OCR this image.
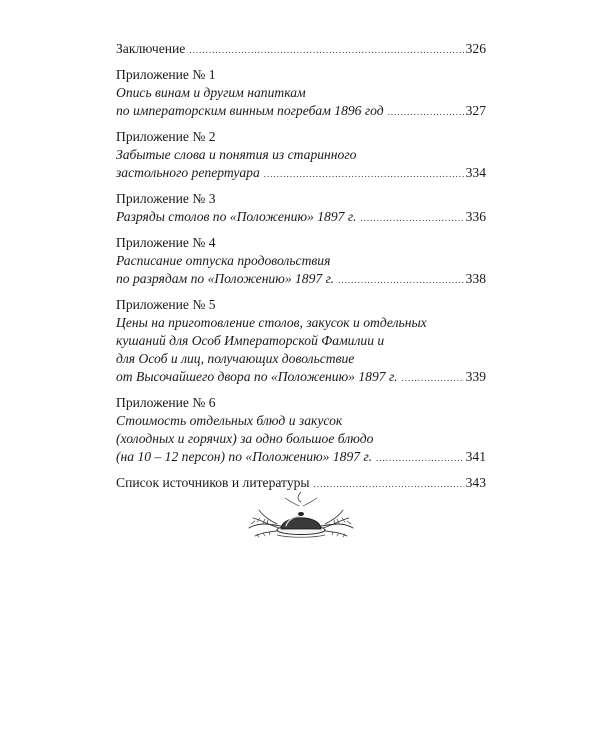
Заключение .....	326
Приложение № 1
Опись винам и другим напиткам
по императорским винным погребам 1896 год .....	327
Приложение № 2
Забытые слова и понятия из старинного
застольного репертуара .....	334
Приложение № 3
Разряды столов по «Положению» 1897 г. .....	336
Приложение № 4
Расписание отпуска продовольствия
по разрядам по «Положению» 1897 г. .....	338
Приложение № 5
Цены на приготовление столов, закусок и отдельных
кушаний для Особ Императорской Фамилии и
для Особ и лиц, получающих довольствие
от Высочайшего двора по «Положению» 1897 г. .....	339
Приложение № 6
Стоимость отдельных блюд и закусок
(холодных и горячих) за одно большое блюдо
(на 10 – 12 персон) по «Положению» 1897 г. .....	341
Список источников и литературы .....	343
